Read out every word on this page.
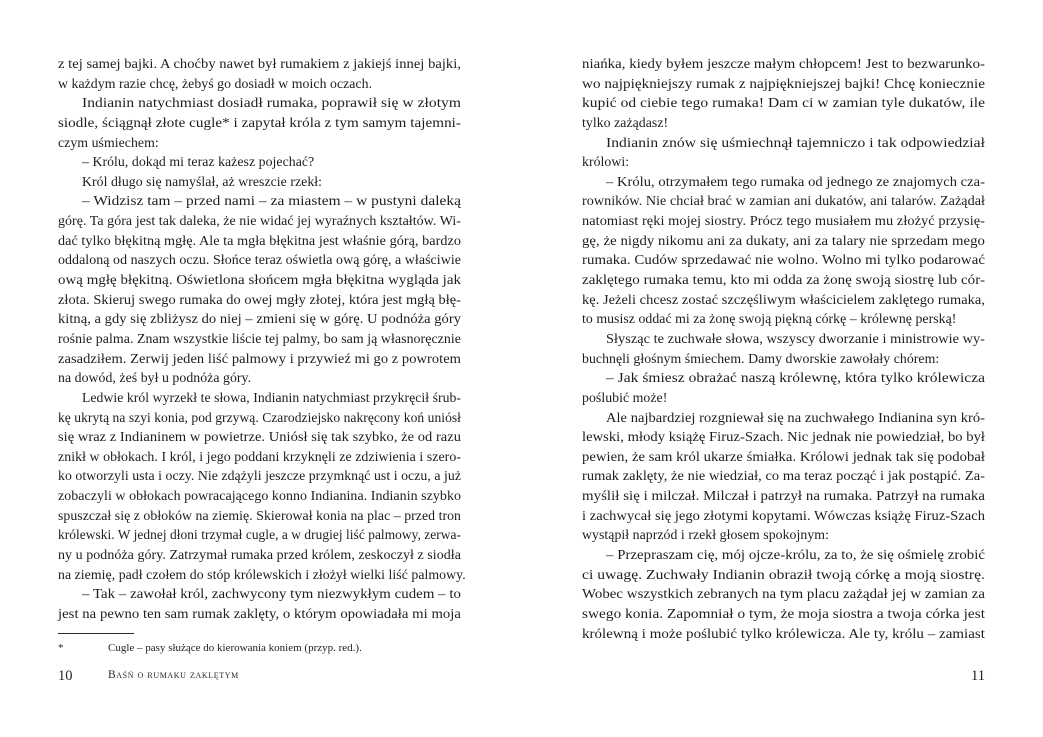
z tej samej bajki. A choćby nawet był rumakiem z jakiejś innej bajki,
w każdym razie chcę, żebyś go dosiadł w moich oczach.
Indianin natychmiast dosiadł rumaka, poprawił się w złotym
siodle, ściągnął złote cugle* i zapytał króla z tym samym tajemni-
czym uśmiechem:
– Królu, dokąd mi teraz każesz pojechać?
Król długo się namyślał, aż wreszcie rzekł:
– Widzisz tam – przed nami – za miastem – w pustyni daleką
górę. Ta góra jest tak daleka, że nie widać jej wyraźnych kształtów. Wi-
dać tylko błękitną mgłę. Ale ta mgła błękitna jest właśnie górą, bardzo
oddaloną od naszych oczu. Słońce teraz oświetla ową górę, a właściwie
ową mgłę błękitną. Oświetlona słońcem mgła błękitna wygląda jak
złota. Skieruj swego rumaka do owej mgły złotej, która jest mgłą błę-
kitną, a gdy się zbliżysz do niej – zmieni się w górę. U podnóża góry
rośnie palma. Znam wszystkie liście tej palmy, bo sam ją własnoręcznie
zasadziłem. Zerwij jeden liść palmowy i przywieź mi go z powrotem
na dowód, żeś był u podnóża góry.
Ledwie król wyrzekł te słowa, Indianin natychmiast przykręcił śrub-
kę ukrytą na szyi konia, pod grzywą. Czarodziejsko nakręcony koń uniósł
się wraz z Indianinem w powietrze. Uniósł się tak szybko, że od razu
znikł w obłokach. I król, i jego poddani krzyknęli ze zdziwienia i szero-
ko otworzyli usta i oczy. Nie zdążyli jeszcze przymknąć ust i oczu, a już
zobaczyli w obłokach powracającego konno Indianina. Indianin szybko
spuszczał się z obłoków na ziemię. Skierował konia na plac – przed tron
królewski. W jednej dłoni trzymał cugle, a w drugiej liść palmowy, zerwa-
ny u podnóża góry. Zatrzymał rumaka przed królem, zeskoczył z siodła
na ziemię, padł czołem do stóp królewskich i złożył wielki liść palmowy.
– Tak – zawołał król, zachwycony tym niezwykłym cudem – to
jest na pewno ten sam rumak zaklęty, o którym opowiadała mi moja
*	Cugle – pasy służące do kierowania koniem (przyp. red.).
10	Baśń o rumaku zaklętym
niańka, kiedy byłem jeszcze małym chłopcem! Jest to bezwarunko-
wo najpiękniejszy rumak z najpiękniejszej bajki! Chcę koniecznie
kupić od ciebie tego rumaka! Dam ci w zamian tyle dukatów, ile
tylko zażądasz!
Indianin znów się uśmiechnął tajemniczo i tak odpowiedział
królowi:
– Królu, otrzymałem tego rumaka od jednego ze znajomych cza-
rowników. Nie chciał brać w zamian ani dukatów, ani talarów. Zażądał
natomiast ręki mojej siostry. Prócz tego musiałem mu złożyć przysię-
gę, że nigdy nikomu ani za dukaty, ani za talary nie sprzedam mego
rumaka. Cudów sprzedawać nie wolno. Wolno mi tylko podarować
zaklętego rumaka temu, kto mi odda za żonę swoją siostrę lub cór-
kę. Jeżeli chcesz zostać szczęśliwym właścicielem zaklętego rumaka,
to musisz oddać mi za żonę swoją piękną córkę – królewnę perską!
Słysząc te zuchwałe słowa, wszyscy dworzanie i ministrowie wy-
buchnęli głośnym śmiechem. Damy dworskie zawołały chórem:
– Jak śmiesz obrażać naszą królewnę, która tylko królewicza
poślubić może!
Ale najbardziej rozgniewał się na zuchwałego Indianina syn kró-
lewski, młody książę Firuz-Szach. Nic jednak nie powiedział, bo był
pewien, że sam król ukarze śmiałka. Królowi jednak tak się podobał
rumak zaklęty, że nie wiedział, co ma teraz począć i jak postąpić. Za-
myślił się i milczał. Milczał i patrzył na rumaka. Patrzył na rumaka
i zachwycał się jego złotymi kopytami. Wówczas książę Firuz-Szach
wystąpił naprzód i rzekł głosem spokojnym:
– Przepraszam cię, mój ojcze-królu, za to, że się ośmielę zrobić
ci uwagę. Zuchwały Indianin obraził twoją córkę a moją siostrę.
Wobec wszystkich zebranych na tym placu zażądał jej w zamian za
swego konia. Zapomniał o tym, że moja siostra a twoja córka jest
królewną i może poślubić tylko królewicza. Ale ty, królu – zamiast
11
